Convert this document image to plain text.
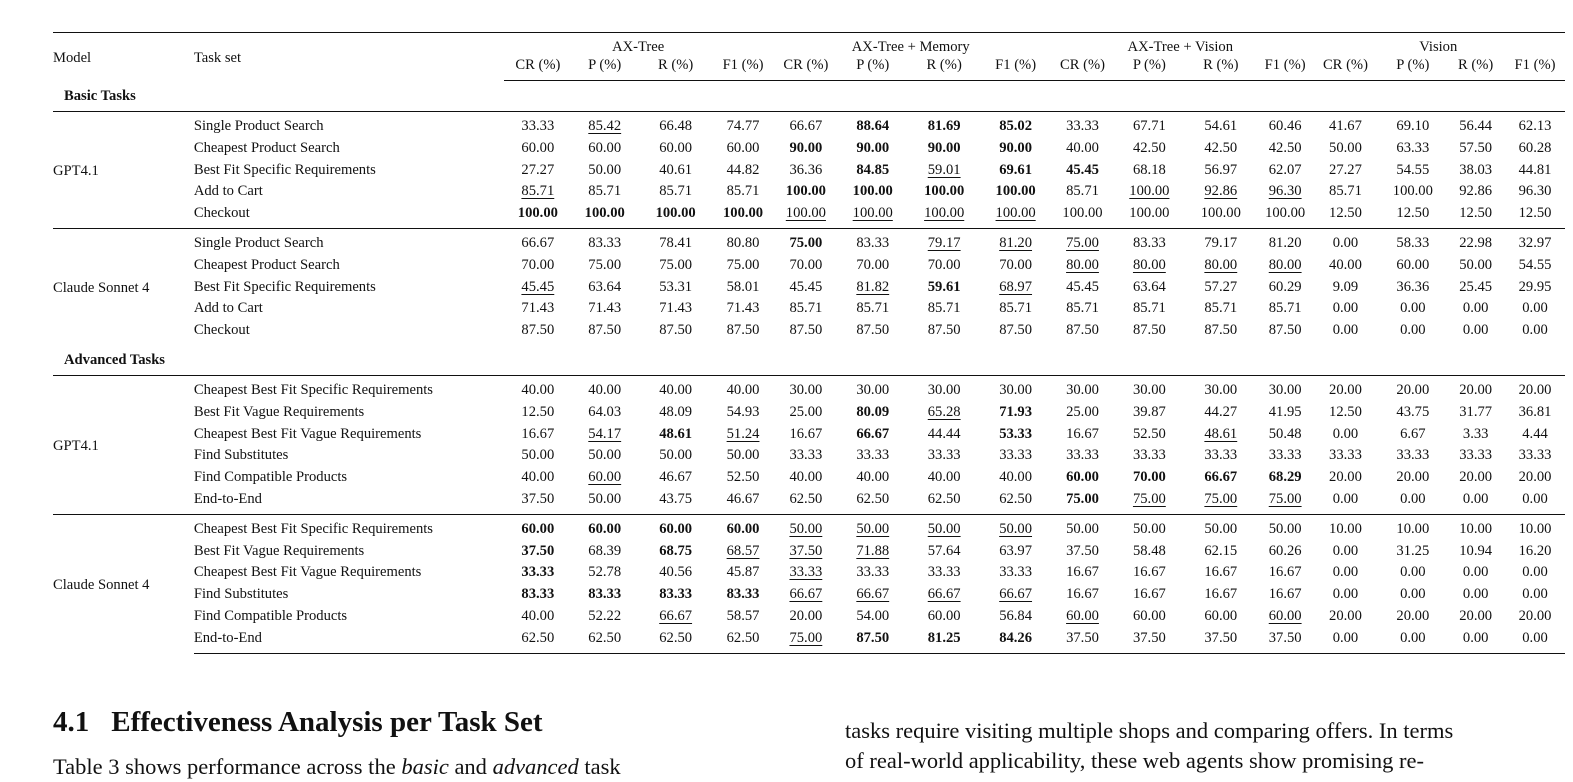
Model	Task set	AX-Tree				AX-Tree + Memory				AX-Tree + Vision				Vision			
		CR (%)	P (%)	R (%)	F1 (%)	CR (%)	P (%)	R (%)	F1 (%)	CR (%)	P (%)	R (%)	F1 (%)	CR (%)	P (%)	R (%)	F1 (%)
Basic Tasks																	
GPT4.1	Single Product Search	33.33	85.42	66.48	74.77	66.67	88.64	81.69	85.02	33.33	67.71	54.61	60.46	41.67	69.10	56.44	62.13
	Cheapest Product Search	60.00	60.00	60.00	60.00	90.00	90.00	90.00	90.00	40.00	42.50	42.50	42.50	50.00	63.33	57.50	60.28
	Best Fit Specific Requirements	27.27	50.00	40.61	44.82	36.36	84.85	59.01	69.61	45.45	68.18	56.97	62.07	27.27	54.55	38.03	44.81
	Add to Cart	85.71	85.71	85.71	85.71	100.00	100.00	100.00	100.00	85.71	100.00	92.86	96.30	85.71	100.00	92.86	96.30
	Checkout	100.00	100.00	100.00	100.00	100.00	100.00	100.00	100.00	100.00	100.00	100.00	100.00	12.50	12.50	12.50	12.50
Claude Sonnet 4	Single Product Search	66.67	83.33	78.41	80.80	75.00	83.33	79.17	81.20	75.00	83.33	79.17	81.20	0.00	58.33	22.98	32.97
	Cheapest Product Search	70.00	75.00	75.00	75.00	70.00	70.00	70.00	70.00	80.00	80.00	80.00	80.00	40.00	60.00	50.00	54.55
	Best Fit Specific Requirements	45.45	63.64	53.31	58.01	45.45	81.82	59.61	68.97	45.45	63.64	57.27	60.29	9.09	36.36	25.45	29.95
	Add to Cart	71.43	71.43	71.43	71.43	85.71	85.71	85.71	85.71	85.71	85.71	85.71	85.71	0.00	0.00	0.00	0.00
	Checkout	87.50	87.50	87.50	87.50	87.50	87.50	87.50	87.50	87.50	87.50	87.50	87.50	0.00	0.00	0.00	0.00
Advanced Tasks																	
GPT4.1	Cheapest Best Fit Specific Requirements	40.00	40.00	40.00	40.00	30.00	30.00	30.00	30.00	30.00	30.00	30.00	30.00	20.00	20.00	20.00	20.00
	Best Fit Vague Requirements	12.50	64.03	48.09	54.93	25.00	80.09	65.28	71.93	25.00	39.87	44.27	41.95	12.50	43.75	31.77	36.81
	Cheapest Best Fit Vague Requirements	16.67	54.17	48.61	51.24	16.67	66.67	44.44	53.33	16.67	52.50	48.61	50.48	0.00	6.67	3.33	4.44
	Find Substitutes	50.00	50.00	50.00	50.00	33.33	33.33	33.33	33.33	33.33	33.33	33.33	33.33	33.33	33.33	33.33	33.33
	Find Compatible Products	40.00	60.00	46.67	52.50	40.00	40.00	40.00	40.00	60.00	70.00	66.67	68.29	20.00	20.00	20.00	20.00
	End-to-End	37.50	50.00	43.75	46.67	62.50	62.50	62.50	62.50	75.00	75.00	75.00	75.00	0.00	0.00	0.00	0.00
Claude Sonnet 4	Cheapest Best Fit Specific Requirements	60.00	60.00	60.00	60.00	50.00	50.00	50.00	50.00	50.00	50.00	50.00	50.00	10.00	10.00	10.00	10.00
	Best Fit Vague Requirements	37.50	68.39	68.75	68.57	37.50	71.88	57.64	63.97	37.50	58.48	62.15	60.26	0.00	31.25	10.94	16.20
	Cheapest Best Fit Vague Requirements	33.33	52.78	40.56	45.87	33.33	33.33	33.33	33.33	16.67	16.67	16.67	16.67	0.00	0.00	0.00	0.00
	Find Substitutes	83.33	83.33	83.33	83.33	66.67	66.67	66.67	66.67	16.67	16.67	16.67	16.67	0.00	0.00	0.00	0.00
	Find Compatible Products	40.00	52.22	66.67	58.57	20.00	54.00	60.00	56.84	60.00	60.00	60.00	60.00	20.00	20.00	20.00	20.00
	End-to-End	62.50	62.50	62.50	62.50	75.00	87.50	81.25	84.26	37.50	37.50	37.50	37.50	0.00	0.00	0.00	0.00
4.1 Effectiveness Analysis per Task Set
Table 3 shows performance across the basic and advanced task
tasks require visiting multiple shops and comparing offers. In terms
of real-world applicability, these web agents show promising re-
